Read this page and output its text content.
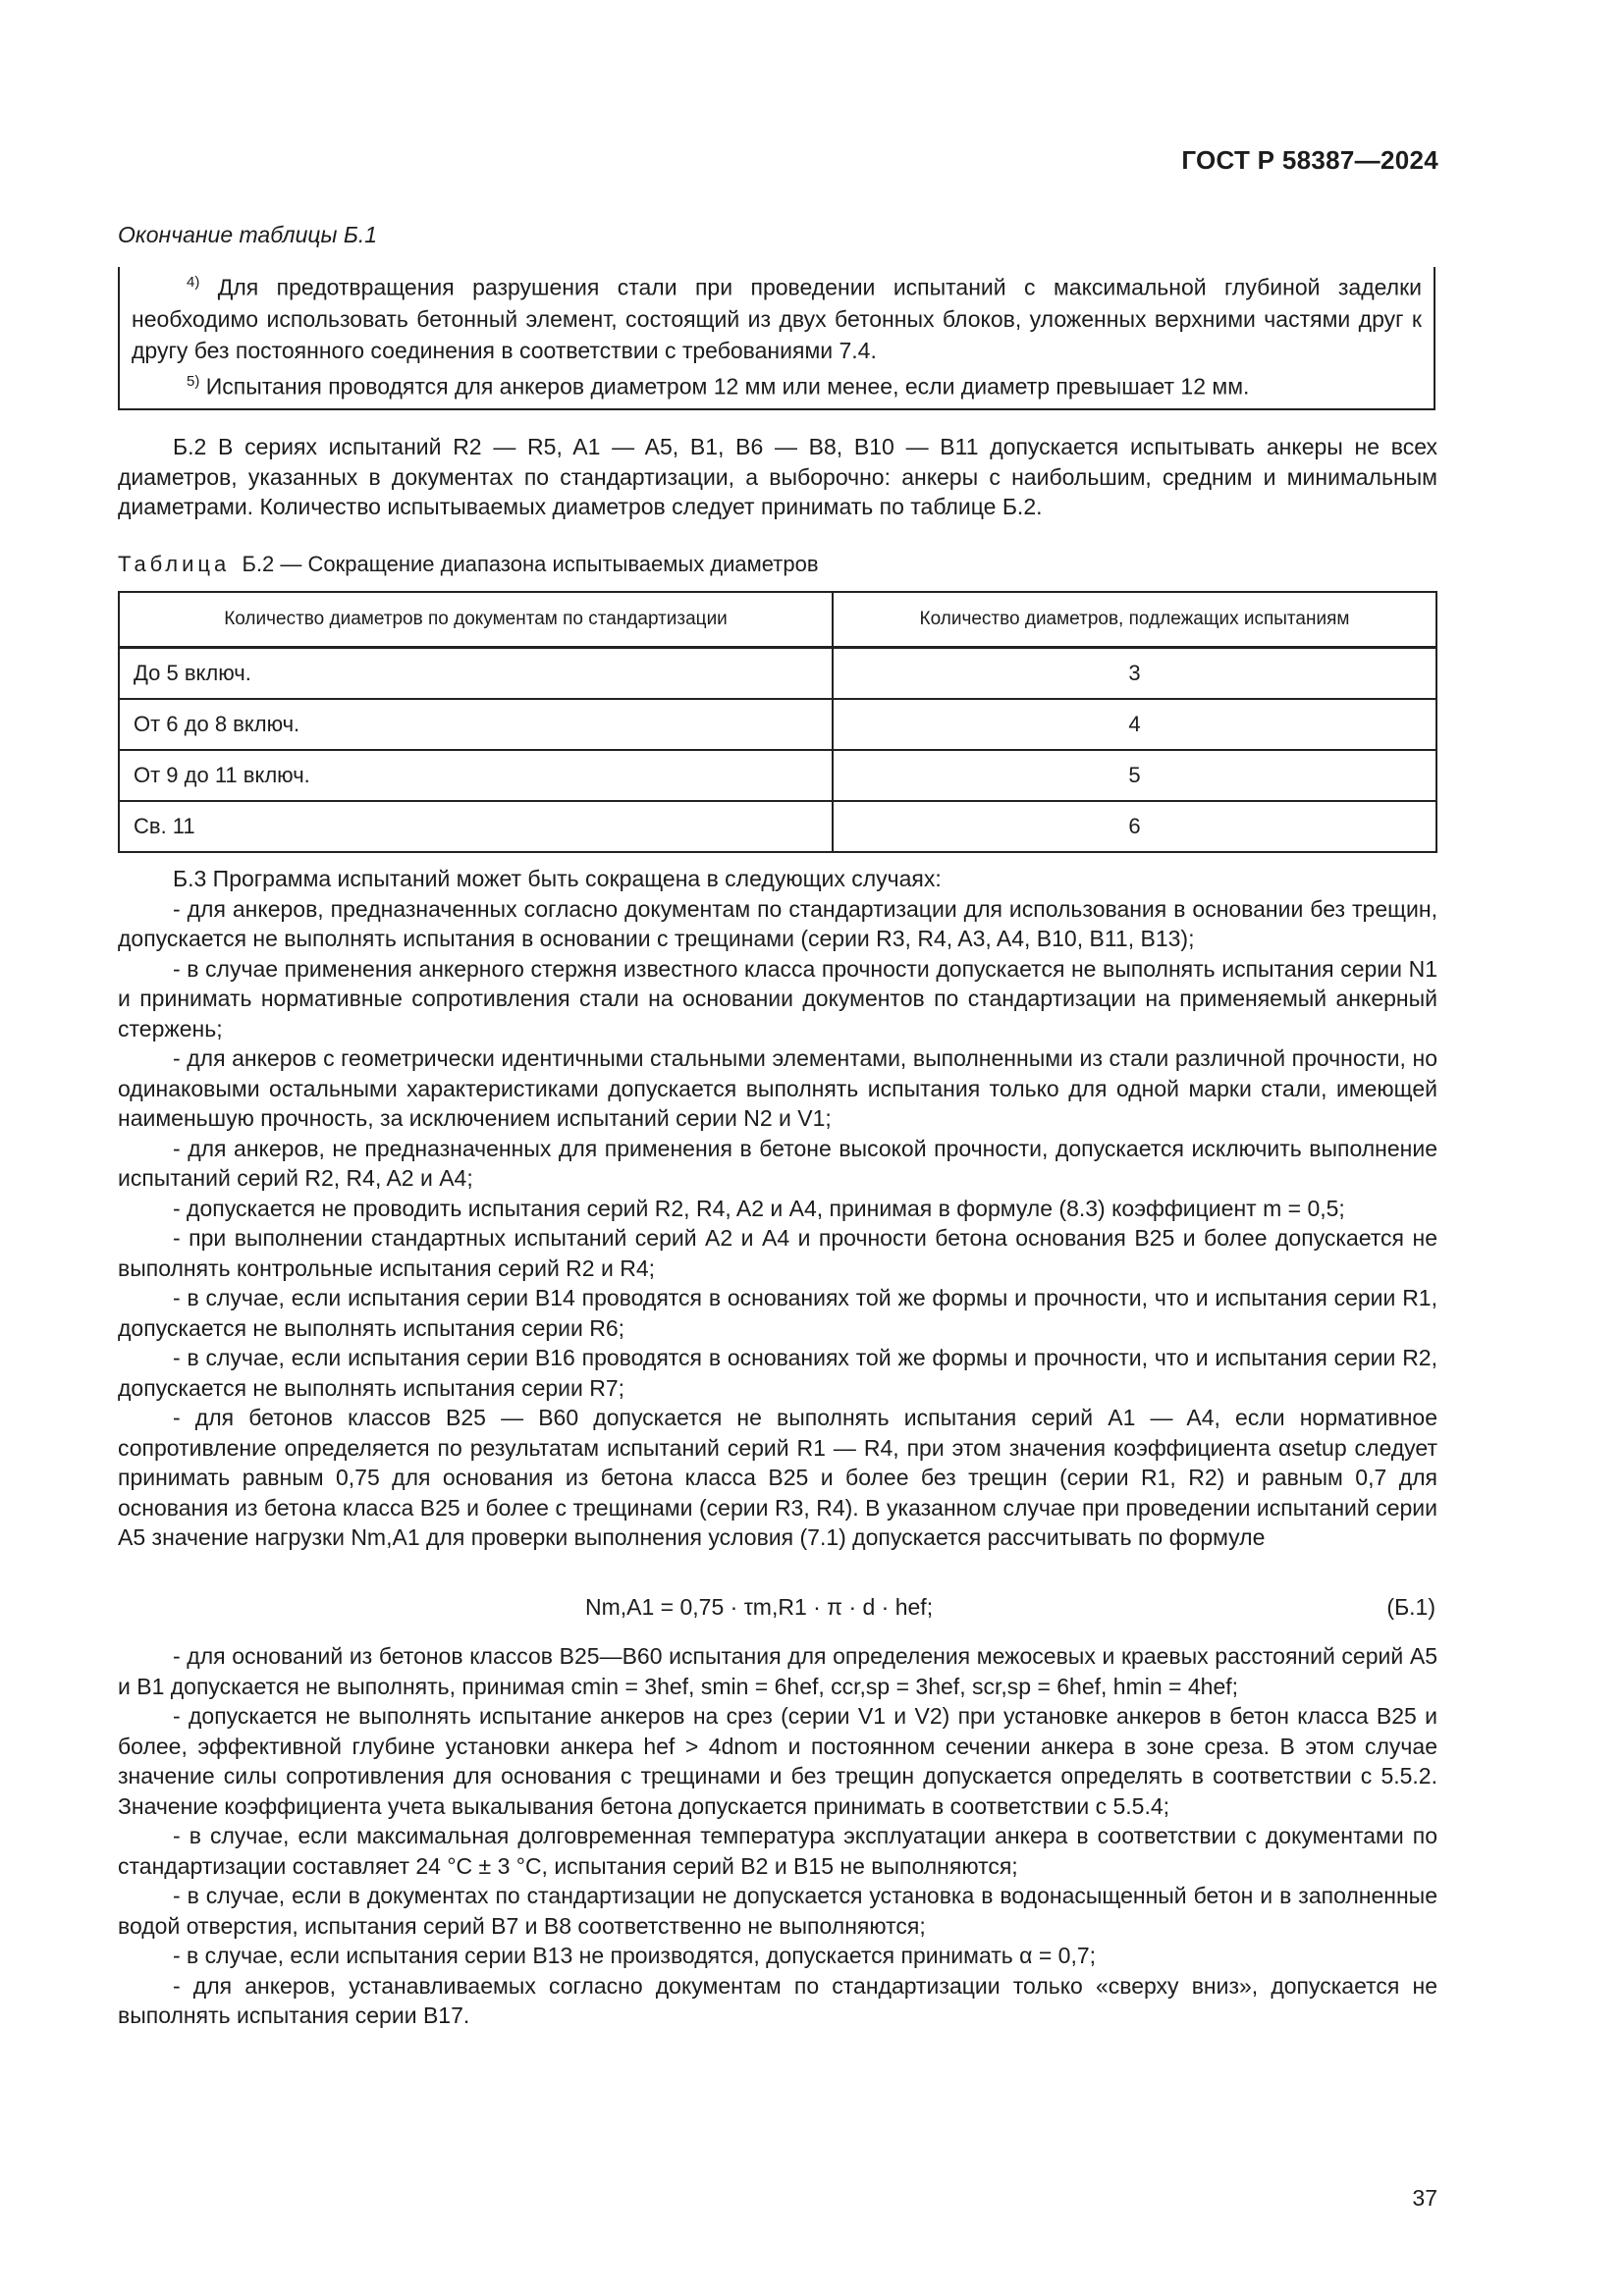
ГОСТ Р 58387—2024
Окончание таблицы Б.1
$^{4)}$ Для предотвращения разрушения стали при проведении испытаний с максимальной глубиной заделки необходимо использовать бетонный элемент, состоящий из двух бетонных блоков, уложенных верхними частями друг к другу без постоянного соединения в соответствии с требованиями 7.4.
$^{5)}$ Испытания проводятся для анкеров диаметром 12 мм или менее, если диаметр превышает 12 мм.

Б.2 В сериях испытаний R2 — R5, A1 — A5, B1, B6 — B8, B10 — B11 допускается испытывать анкеры не всех диаметров, указанных в документах по стандартизации, а выборочно: анкеры с наибольшим, средним и минимальным диаметрами. Количество испытываемых диаметров следует принимать по таблице Б.2.

Таблица Б.2 — Сокращение диапазона испытываемых диаметров
Количество диаметров по документам по стандартизации	Количество диаметров, подлежащих испытаниям
До 5 включ.	3
От 6 до 8 включ.	4
От 9 до 11 включ.	5
Св. 11	6

Б.3 Программа испытаний может быть сокращена в следующих случаях:

- для анкеров, предназначенных согласно документам по стандартизации для использования в основании без трещин, допускается не выполнять испытания в основании с трещинами (серии R3, R4, A3, A4, B10, B11, B13);

- в случае применения анкерного стержня известного класса прочности допускается не выполнять испытания серии N1 и принимать нормативные сопротивления стали на основании документов по стандартизации на применяемый анкерный стержень;

- для анкеров с геометрически идентичными стальными элементами, выполненными из стали различной прочности, но одинаковыми остальными характеристиками допускается выполнять испытания только для одной марки стали, имеющей наименьшую прочность, за исключением испытаний серии N2 и V1;

- для анкеров, не предназначенных для применения в бетоне высокой прочности, допускается исключить выполнение испытаний серий R2, R4, A2 и A4;

- допускается не проводить испытания серий R2, R4, A2 и A4, принимая в формуле (8.3) коэффициент m = 0,5;

- при выполнении стандартных испытаний серий A2 и A4 и прочности бетона основания B25 и более допускается не выполнять контрольные испытания серий R2 и R4;

- в случае, если испытания серии B14 проводятся в основаниях той же формы и прочности, что и испытания серии R1, допускается не выполнять испытания серии R6;

- в случае, если испытания серии B16 проводятся в основаниях той же формы и прочности, что и испытания серии R2, допускается не выполнять испытания серии R7;

- для бетонов классов B25 — B60 допускается не выполнять испытания серий A1 — A4, если нормативное сопротивление определяется по результатам испытаний серий R1 — R4, при этом значения коэффициента αsetup следует принимать равным 0,75 для основания из бетона класса B25 и более без трещин (серии R1, R2) и равным 0,7 для основания из бетона класса B25 и более с трещинами (серии R3, R4). В указанном случае при проведении испытаний серии A5 значение нагрузки Nm,A1 для проверки выполнения условия (7.1) допускается рассчитывать по формуле

Nm,A1 = 0,75 · τm,R1 · π · d · hef;	(Б.1)

- для оснований из бетонов классов B25—B60 испытания для определения межосевых и краевых расстояний серий A5 и B1 допускается не выполнять, принимая cmin = 3hef, smin = 6hef, ccr,sp = 3hef, scr,sp = 6hef, hmin = 4hef;

- допускается не выполнять испытание анкеров на срез (серии V1 и V2) при установке анкеров в бетон класса B25 и более, эффективной глубине установки анкера hef > 4dnom и постоянном сечении анкера в зоне среза. В этом случае значение силы сопротивления для основания с трещинами и без трещин допускается определять в соответствии с 5.5.2. Значение коэффициента учета выкалывания бетона допускается принимать в соответствии с 5.5.4;

- в случае, если максимальная долговременная температура эксплуатации анкера в соответствии с документами по стандартизации составляет 24 °C ± 3 °C, испытания серий B2 и B15 не выполняются;

- в случае, если в документах по стандартизации не допускается установка в водонасыщенный бетон и в заполненные водой отверстия, испытания серий B7 и B8 соответственно не выполняются;

- в случае, если испытания серии B13 не производятся, допускается принимать α = 0,7;

- для анкеров, устанавливаемых согласно документам по стандартизации только «сверху вниз», допускается не выполнять испытания серии B17.

37
